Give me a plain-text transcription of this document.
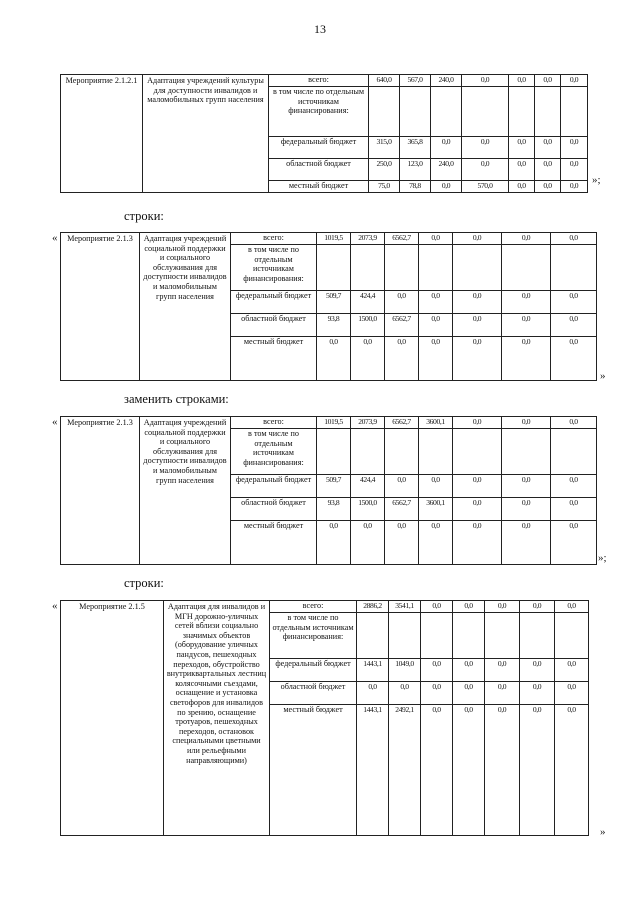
13
Мероприятие 2.1.2.1	Адаптация учреждений культуры для доступности инвалидов и маломобильных групп населения	всего:	640,0	567,0	240,0	0,0	0,0	0,0	0,0
		в том числе по отдельным источникам финансирования:							
		федеральный бюджет	315,0	365,8	0,0	0,0	0,0	0,0	0,0
		областной бюджет	250,0	123,0	240,0	0,0	0,0	0,0	0,0
		местный бюджет	75,0	78,8	0,0	570,0	0,0	0,0	0,0 »;
строки:
« Мероприятие 2.1.3	Адаптация учреждений социальной поддержки и социального обслуживания для доступности инвалидов и маломобильным групп населения	всего:	1019,5	2073,9	6562,7	0,0	0,0	0,0	0,0
		в том числе по отдельным источникам финансирования:							
		федеральный бюджет	509,7	424,4	0,0	0,0	0,0	0,0	0,0
		областной бюджет	93,8	1500,0	6562,7	0,0	0,0	0,0	0,0
		местный бюджет	0,0	0,0	0,0	0,0	0,0	0,0	0,0
»
заменить строками:
« Мероприятие 2.1.3	Адаптация учреждений социальной поддержки и социального обслуживания для доступности инвалидов и маломобильным групп населения	всего:	1019,5	2073,9	6562,7	3600,1	0,0	0,0	0,0
		в том числе по отдельным источникам финансирования:							
		федеральный бюджет	509,7	424,4	0,0	0,0	0,0	0,0	0,0
		областной бюджет	93,8	1500,0	6562,7	3600,1	0,0	0,0	0,0
		местный бюджет	0,0	0,0	0,0	0,0	0,0	0,0	0,0
»;
строки:
«	Мероприятие 2.1.5	Адаптация для инвалидов и МГН дорожно-уличных сетей вблизи социально значимых объектов (оборудование уличных пандусов, пешеходных переходов, обустройство внутриквартальных лестниц колясочными съездами, оснащение и установка светофоров для инвалидов по зрению, оснащение тротуаров, пешеходных переходов, остановок специальными цветными или рельефными направляющими)	всего:	2886,2	3541,1	0,0	0,0	0,0	0,0	0,0
		в том числе по отдельным источникам финансирования:							
		федеральный бюджет	1443,1	1049,0	0,0	0,0	0,0	0,0	0,0
		областной бюджет	0,0	0,0	0,0	0,0	0,0	0,0	0,0
		местный бюджет	1443,1	2492,1	0,0	0,0	0,0	0,0	0,0
»
